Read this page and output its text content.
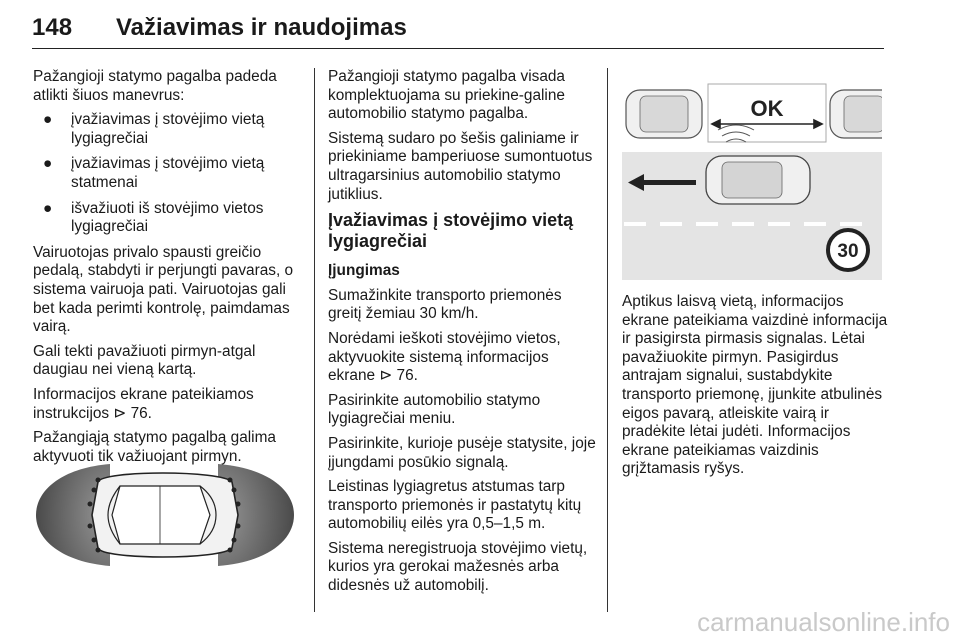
148 Važiavimas ir naudojimas

Pažangioji statymo pagalba padeda atlikti šiuos manevrus:

● įvažiavimas į stovėjimo vietą lygiagrečiai
● įvažiavimas į stovėjimo vietą statmenai
● išvažiuoti iš stovėjimo vietos lygiagrečiai

Vairuotojas privalo spausti greičio pedalą, stabdyti ir perjungti pavaras, o sistema vairuoja pati. Vairuotojas gali bet kada perimti kontrolę, paimdamas vairą.

Gali tekti pavažiuoti pirmyn-atgal daugiau nei vieną kartą.

Informacijos ekrane pateikiamos instrukcijos ⊳ 76.

Pažangiąją statymo pagalbą galima aktyvuoti tik važiuojant pirmyn.

Pažangioji statymo pagalba visada komplektuojama su priekine-galine automobilio statymo pagalba.

Sistemą sudaro po šešis galiniame ir priekiniame bamperiuose sumontuotus ultragarsinius automobilio statymo jutiklius.

Įvažiavimas į stovėjimo vietą lygiagrečiai

Įjungimas

Sumažinkite transporto priemonės greitį žemiau 30 km/h.

Norėdami ieškoti stovėjimo vietos, aktyvuokite sistemą informacijos ekrane ⊳ 76.

Pasirinkite automobilio statymo lygiagrečiai meniu.

Pasirinkite, kurioje pusėje statysite, joje įjungdami posūkio signalą.

Leistinas lygiagretus atstumas tarp transporto priemonės ir pastatytų kitų automobilių eilės yra 0,5–1,5 m.

Sistema neregistruoja stovėjimo vietų, kurios yra gerokai mažesnės arba didesnės už automobilį.

OK
30

Aptikus laisvą vietą, informacijos ekrane pateikiama vaizdinė informacija ir pasigirsta pirmasis signalas. Lėtai pavažiuokite pirmyn. Pasigirdus antrajam signalui, sustabdykite transporto priemonę, įjunkite atbulinės eigos pavarą, atleiskite vairą ir pradėkite lėtai judėti. Informacijos ekrane pateikiamas vaizdinis grįžtamasis ryšys.

carmanualsonline.info
